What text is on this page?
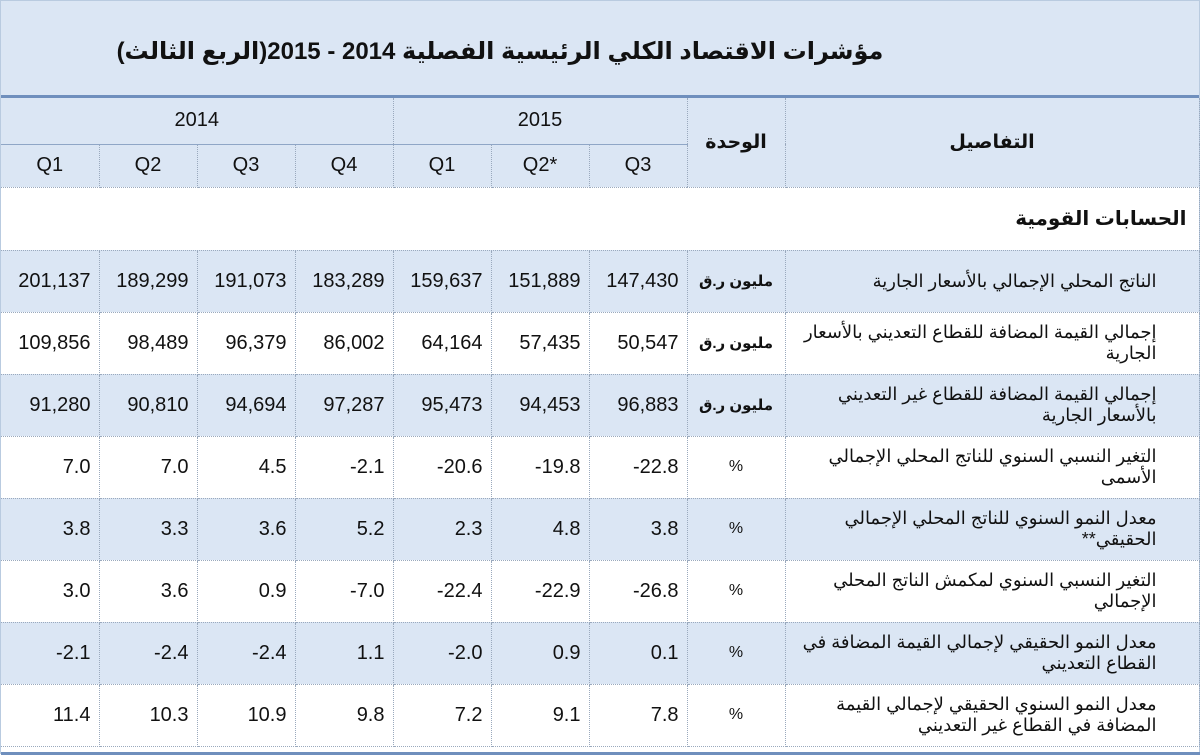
مؤشرات الاقتصاد الكلي الرئيسية الفصلية 2014 - 2015(الربع الثالث)
2014				2015			الوحدة	التفاصيل
Q1	Q2	Q3	Q4	Q1	Q2*	Q3		
الحسابات القومية								
201,137	189,299	191,073	183,289	159,637	151,889	147,430	مليون ر.ق	الناتج المحلي الإجمالي بالأسعار الجارية
109,856	98,489	96,379	86,002	64,164	57,435	50,547	مليون ر.ق	إجمالي القيمة المضافة للقطاع التعديني بالأسعار الجارية
91,280	90,810	94,694	97,287	95,473	94,453	96,883	مليون ر.ق	إجمالي القيمة المضافة للقطاع غير التعديني بالأسعار الجارية
7.0	7.0	4.5	-2.1	-20.6	-19.8	-22.8	%	التغير النسبي السنوي للناتج المحلي الإجمالي الأسمى
3.8	3.3	3.6	5.2	2.3	4.8	3.8	%	معدل النمو السنوي للناتج المحلي الإجمالي الحقيقي**
3.0	3.6	0.9	-7.0	-22.4	-22.9	-26.8	%	التغير النسبي السنوي لمكمش الناتج المحلي الإجمالي
-2.1	-2.4	-2.4	1.1	-2.0	0.9	0.1	%	معدل النمو الحقيقي لإجمالي القيمة المضافة في القطاع التعديني
11.4	10.3	10.9	9.8	7.2	9.1	7.8	%	معدل النمو السنوي الحقيقي لإجمالي القيمة المضافة في القطاع غير التعديني
